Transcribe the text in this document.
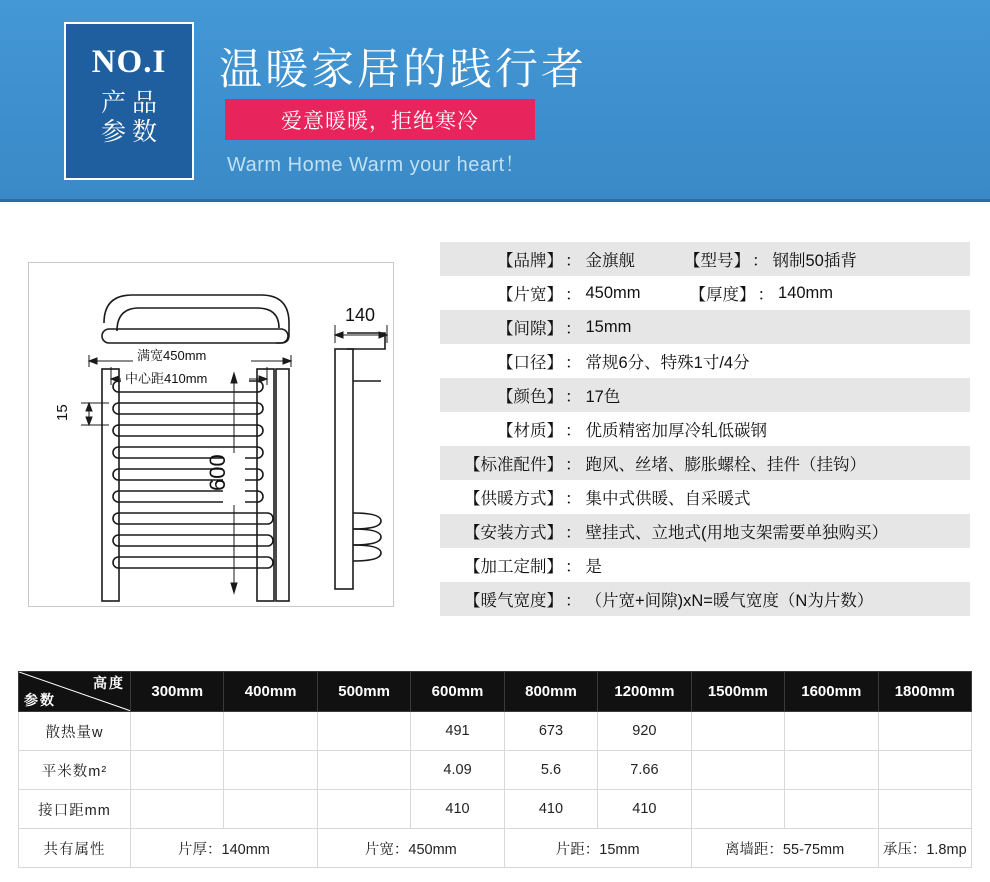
NO.I
产品
参数
温暖家居的践行者
爱意暖暖，拒绝寒冷
Warm Home Warm your heart！
满宽450mm
中心距410mm
15
600
140
【品牌】 ： 金旗舰	【型号】 ： 钢制50插背
【片宽】 ： 450mm	【厚度】 ： 140mm
【间隙】 ： 15mm
【口径】 ： 常规6分、特殊1寸/4分
【颜色】 ： 17色
【材质】 ： 优质精密加厚冷轧低碳钢
【标准配件】 ： 跑风、丝堵、膨胀螺栓、挂件（挂钩）
【供暖方式】 ： 集中式供暖、自采暖式
【安装方式】 ： 壁挂式、立地式(用地支架需要单独购买）
【加工定制】 ： 是
【暖气宽度】 ： （片宽+间隙)xN=暖气宽度（N为片数）
高度
参数	300mm	400mm	500mm	600mm	800mm	1200mm	1500mm	1600mm	1800mm
散热量w				491	673	920			
平米数m²				4.09	5.6	7.66			
接口距mm				410	410	410			
共有属性	片厚：140mm		片宽：450mm		片距：15mm		离墙距：55-75mm		承压：1.8mp
